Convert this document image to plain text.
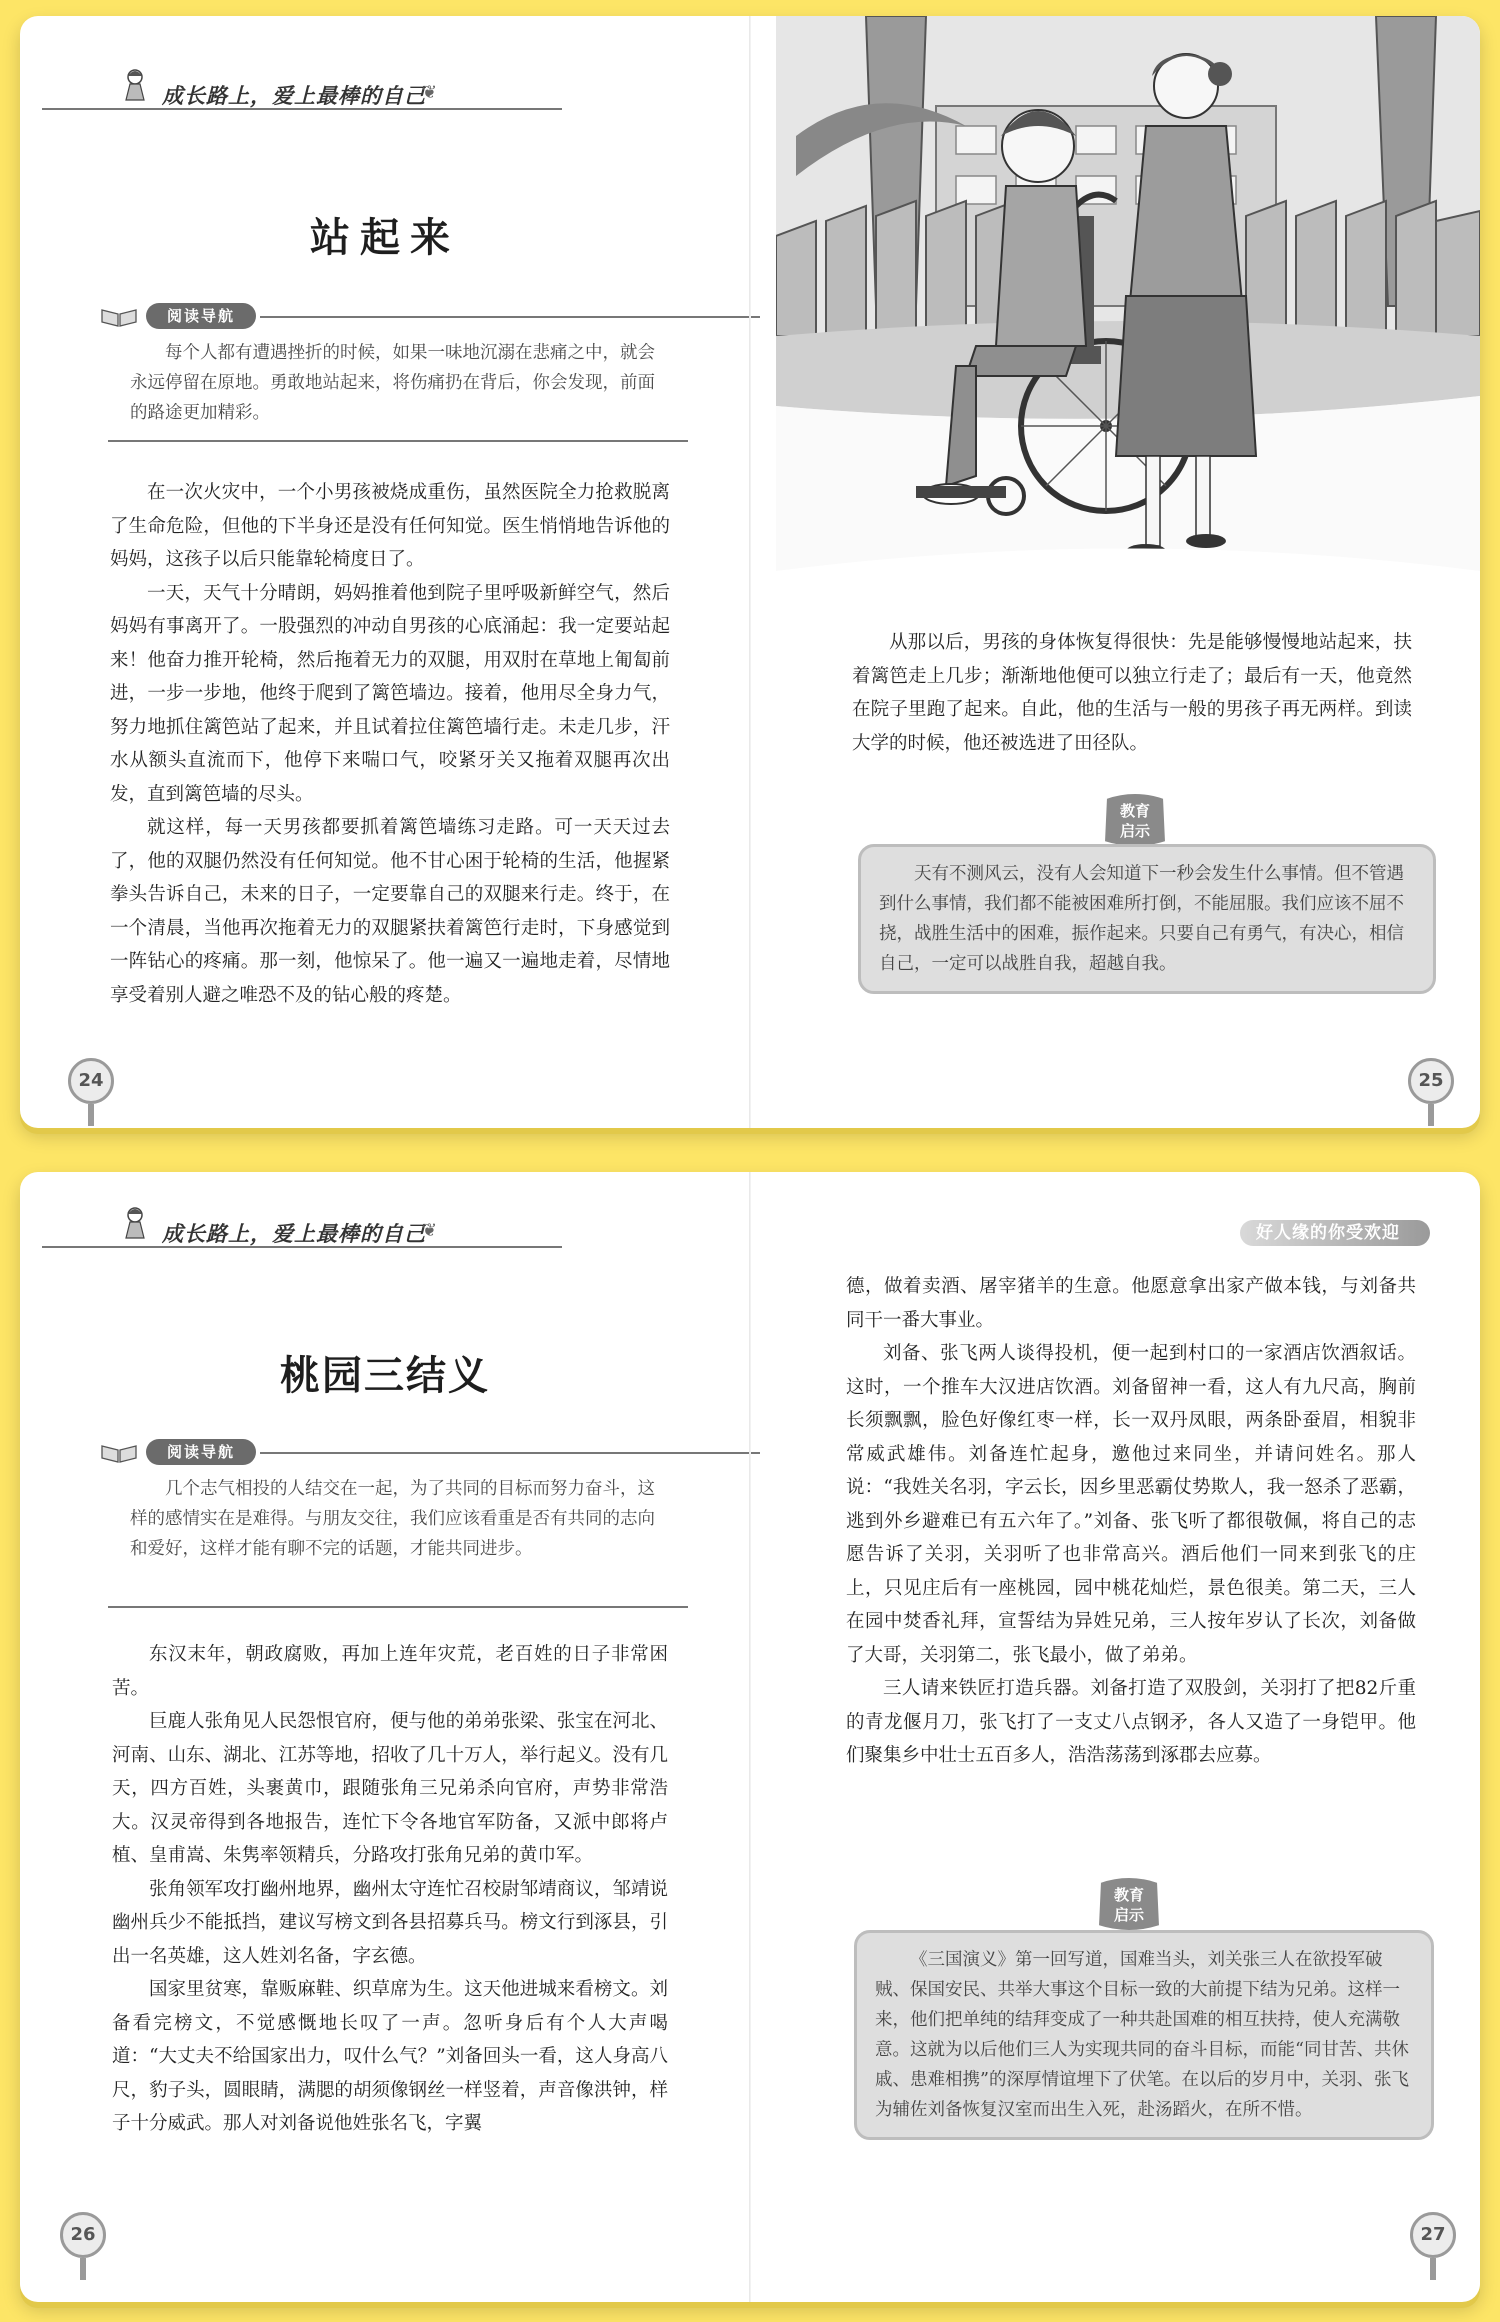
成长路上，爱上最棒的自己
❦
站起来
阅读导航
每个人都有遭遇挫折的时候，如果一味地沉溺在悲痛之中，就会永远停留在原地。勇敢地站起来，将伤痛扔在背后，你会发现，前面的路途更加精彩。

在一次火灾中，一个小男孩被烧成重伤，虽然医院全力抢救脱离了生命危险，但他的下半身还是没有任何知觉。医生悄悄地告诉他的妈妈，这孩子以后只能靠轮椅度日了。

一天，天气十分晴朗，妈妈推着他到院子里呼吸新鲜空气，然后妈妈有事离开了。一股强烈的冲动自男孩的心底涌起：我一定要站起来！他奋力推开轮椅，然后拖着无力的双腿，用双肘在草地上匍匐前进，一步一步地，他终于爬到了篱笆墙边。接着，他用尽全身力气，努力地抓住篱笆站了起来，并且试着拉住篱笆墙行走。未走几步，汗水从额头直流而下，他停下来喘口气，咬紧牙关又拖着双腿再次出发，直到篱笆墙的尽头。

就这样，每一天男孩都要抓着篱笆墙练习走路。可一天天过去了，他的双腿仍然没有任何知觉。他不甘心困于轮椅的生活，他握紧拳头告诉自己，未来的日子，一定要靠自己的双腿来行走。终于，在一个清晨，当他再次拖着无力的双腿紧扶着篱笆行走时，下身感觉到一阵钻心的疼痛。那一刻，他惊呆了。他一遍又一遍地走着，尽情地享受着别人避之唯恐不及的钻心般的疼楚。

24

从那以后，男孩的身体恢复得很快：先是能够慢慢地站起来，扶着篱笆走上几步；渐渐地他便可以独立行走了；最后有一天，他竟然在院子里跑了起来。自此，他的生活与一般的男孩子再无两样。到读大学的时候，他还被选进了田径队。

教育
启示

天有不测风云，没有人会知道下一秒会发生什么事情。但不管遇到什么事情，我们都不能被困难所打倒，不能屈服。我们应该不屈不挠，战胜生活中的困难，振作起来。只要自己有勇气，有决心，相信自己，一定可以战胜自我，超越自我。

25
成长路上，爱上最棒的自己
❦
桃园三结义
阅读导航
几个志气相投的人结交在一起，为了共同的目标而努力奋斗，这样的感情实在是难得。与朋友交往，我们应该看重是否有共同的志向和爱好，这样才能有聊不完的话题，才能共同进步。

东汉末年，朝政腐败，再加上连年灾荒，老百姓的日子非常困苦。

巨鹿人张角见人民怨恨官府，便与他的弟弟张梁、张宝在河北、河南、山东、湖北、江苏等地，招收了几十万人，举行起义。没有几天，四方百姓，头裹黄巾，跟随张角三兄弟杀向官府，声势非常浩大。汉灵帝得到各地报告，连忙下令各地官军防备，又派中郎将卢植、皇甫嵩、朱隽率领精兵，分路攻打张角兄弟的黄巾军。

张角领军攻打幽州地界，幽州太守连忙召校尉邹靖商议，邹靖说幽州兵少不能抵挡，建议写榜文到各县招募兵马。榜文行到涿县，引出一名英雄，这人姓刘名备，字玄德。

国家里贫寒，靠贩麻鞋、织草席为生。这天他进城来看榜文。刘备看完榜文，不觉感慨地长叹了一声。忽听身后有个人大声喝道：“大丈夫不给国家出力，叹什么气？”刘备回头一看，这人身高八尺，豹子头，圆眼睛，满腮的胡须像钢丝一样竖着，声音像洪钟，样子十分威武。那人对刘备说他姓张名飞，字翼

26
好人缘的你受欢迎

德，做着卖酒、屠宰猪羊的生意。他愿意拿出家产做本钱，与刘备共同干一番大事业。

刘备、张飞两人谈得投机，便一起到村口的一家酒店饮酒叙话。这时，一个推车大汉进店饮酒。刘备留神一看，这人有九尺高，胸前长须飘飘，脸色好像红枣一样，长一双丹凤眼，两条卧蚕眉，相貌非常威武雄伟。刘备连忙起身，邀他过来同坐，并请问姓名。那人说：“我姓关名羽，字云长，因乡里恶霸仗势欺人，我一怒杀了恶霸，逃到外乡避难已有五六年了。”刘备、张飞听了都很敬佩，将自己的志愿告诉了关羽，关羽听了也非常高兴。酒后他们一同来到张飞的庄上，只见庄后有一座桃园，园中桃花灿烂，景色很美。第二天，三人在园中焚香礼拜，宣誓结为异姓兄弟，三人按年岁认了长次，刘备做了大哥，关羽第二，张飞最小，做了弟弟。

三人请来铁匠打造兵器。刘备打造了双股剑，关羽打了把82斤重的青龙偃月刀，张飞打了一支丈八点钢矛，各人又造了一身铠甲。他们聚集乡中壮士五百多人，浩浩荡荡到涿郡去应募。

教育
启示

《三国演义》第一回写道，国难当头，刘关张三人在欲投军破贼、保国安民、共举大事这个目标一致的大前提下结为兄弟。这样一来，他们把单纯的结拜变成了一种共赴国难的相互扶持，使人充满敬意。这就为以后他们三人为实现共同的奋斗目标，而能“同甘苦、共休戚、患难相携”的深厚情谊埋下了伏笔。在以后的岁月中，关羽、张飞为辅佐刘备恢复汉室而出生入死，赴汤蹈火，在所不惜。

27
